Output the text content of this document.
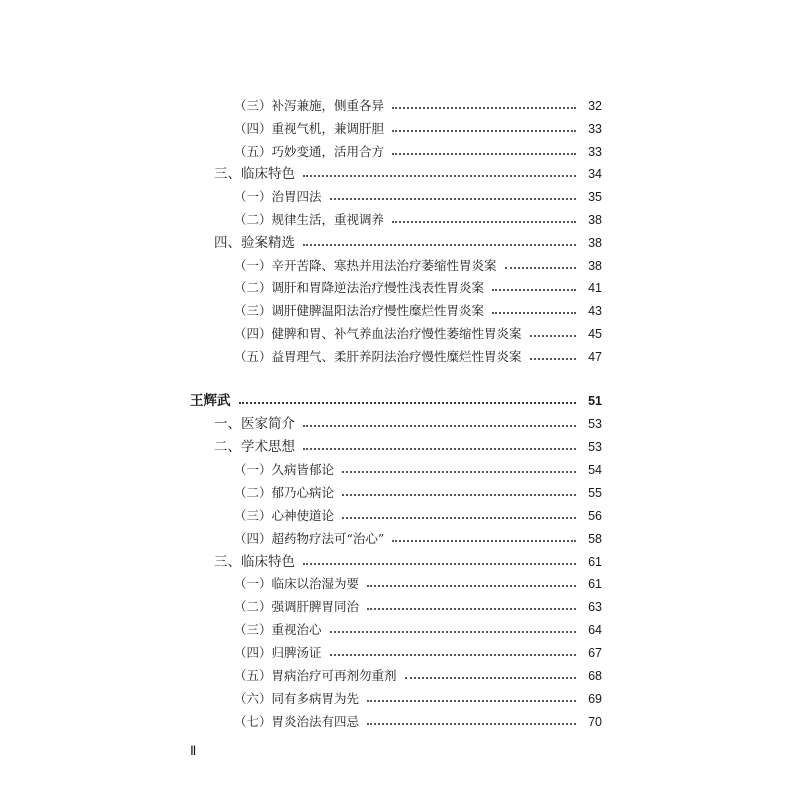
（三）补泻兼施，侧重各异	32
（四）重视气机，兼调肝胆	33
（五）巧妙变通，活用合方	33
三、临床特色	34
（一）治胃四法	35
（二）规律生活，重视调养	38
四、验案精选	38
（一）辛开苦降、寒热并用法治疗萎缩性胃炎案	38
（二）调肝和胃降逆法治疗慢性浅表性胃炎案	41
（三）调肝健脾温阳法治疗慢性糜烂性胃炎案	43
（四）健脾和胃、补气养血法治疗慢性萎缩性胃炎案	45
（五）益胃理气、柔肝养阴法治疗慢性糜烂性胃炎案	47
王辉武	51
一、医家简介	53
二、学术思想	53
（一）久病皆郁论	54
（二）郁乃心病论	55
（三）心神使道论	56
（四）超药物疗法可“治心”	58
三、临床特色	61
（一）临床以治湿为要	61
（二）强调肝脾胃同治	63
（三）重视治心	64
（四）归脾汤证	67
（五）胃病治疗可再剂勿重剂	68
（六）同有多病胃为先	69
（七）胃炎治法有四忌	70
Ⅱ
